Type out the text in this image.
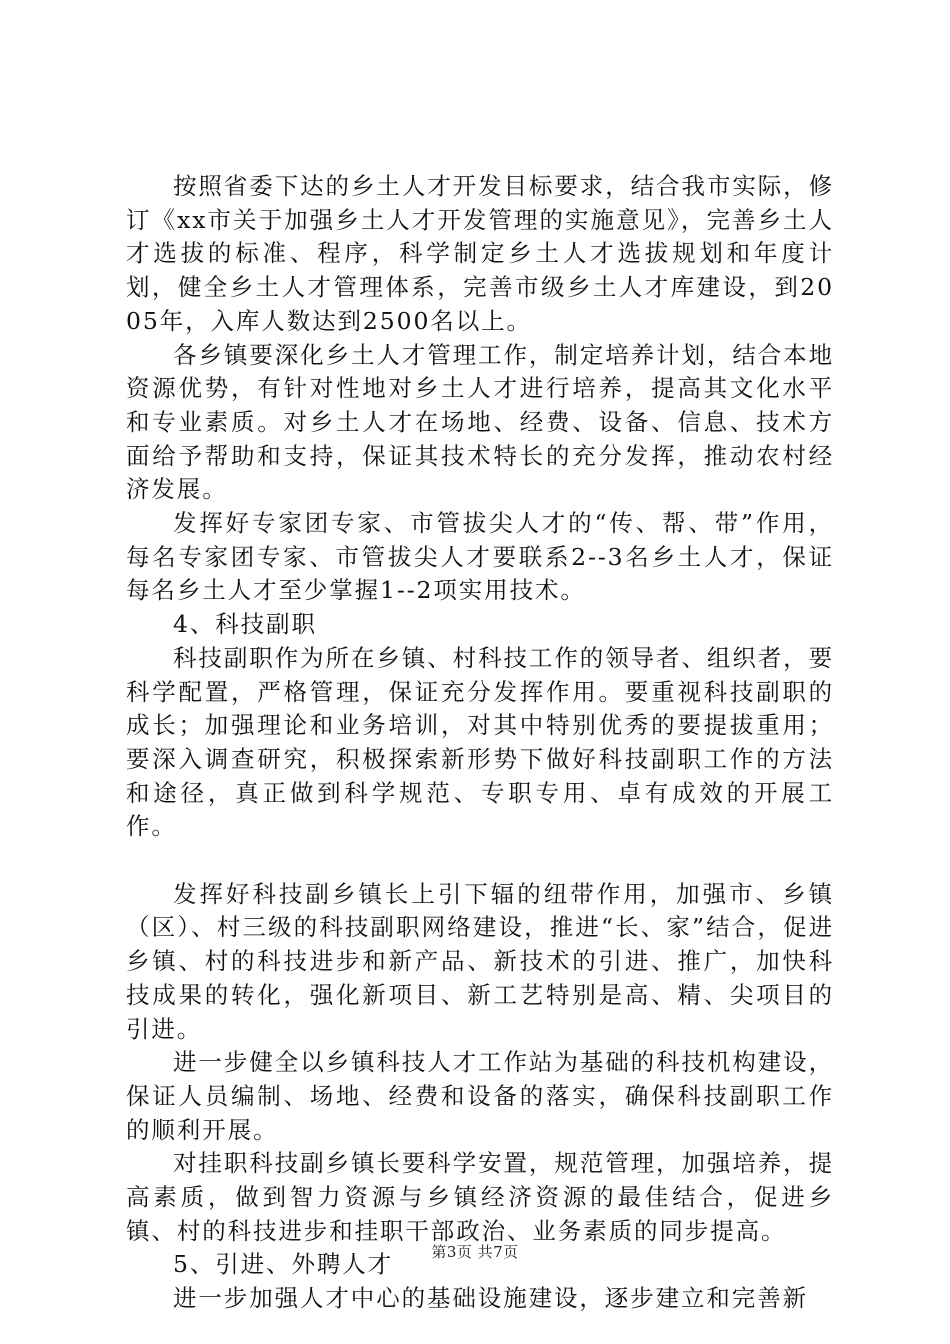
按照省委下达的乡土人才开发目标要求，结合我市实际，修订《xx市关于加强乡土人才开发管理的实施意见》，完善乡土人才选拔的标准、程序，科学制定乡土人才选拔规划和年度计划，健全乡土人才管理体系，完善市级乡土人才库建设，到2005年，入库人数达到2500名以上。

各乡镇要深化乡土人才管理工作，制定培养计划，结合本地资源优势，有针对性地对乡土人才进行培养，提高其文化水平和专业素质。对乡土人才在场地、经费、设备、信息、技术方面给予帮助和支持，保证其技术特长的充分发挥，推动农村经济发展。

发挥好专家团专家、市管拔尖人才的“传、帮、带”作用，每名专家团专家、市管拔尖人才要联系2--3名乡土人才，保证每名乡土人才至少掌握1--2项实用技术。

4、科技副职

科技副职作为所在乡镇、村科技工作的领导者、组织者，要科学配置，严格管理，保证充分发挥作用。要重视科技副职的成长；加强理论和业务培训，对其中特别优秀的要提拔重用；要深入调查研究，积极探索新形势下做好科技副职工作的方法和途径，真正做到科学规范、专职专用、卓有成效的开展工作。

发挥好科技副乡镇长上引下辐的纽带作用，加强市、乡镇（区）、村三级的科技副职网络建设，推进“长、家”结合，促进乡镇、村的科技进步和新产品、新技术的引进、推广，加快科技成果的转化，强化新项目、新工艺特别是高、精、尖项目的引进。

进一步健全以乡镇科技人才工作站为基础的科技机构建设，保证人员编制、场地、经费和设备的落实，确保科技副职工作的顺利开展。

对挂职科技副乡镇长要科学安置，规范管理，加强培养，提高素质，做到智力资源与乡镇经济资源的最佳结合，促进乡镇、村的科技进步和挂职干部政治、业务素质的同步提高。

5、引进、外聘人才

进一步加强人才中心的基础设施建设，逐步建立和完善新

第3页 共7页
